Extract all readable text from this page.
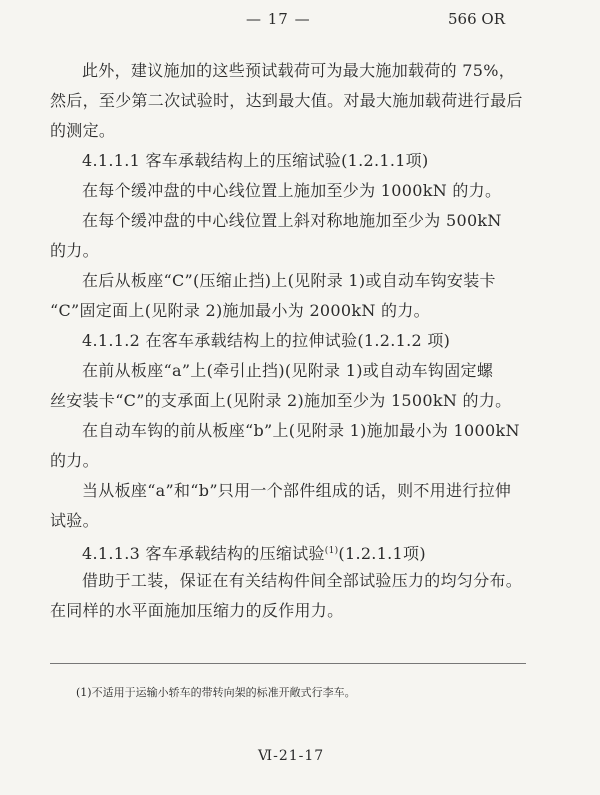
— 17 —	566 OR
此外，建议施加的这些预试载荷可为最大施加载荷的 75%，
然后，至少第二次试验时，达到最大值。对最大施加载荷进行最后
的测定。
4.1.1.1 客车承载结构上的压缩试验(1.2.1.1项)
在每个缓冲盘的中心线位置上施加至少为 1000kN 的力。
在每个缓冲盘的中心线位置上斜对称地施加至少为 500kN
的力。
在后从板座“C”(压缩止挡)上(见附录 1)或自动车钩安装卡
“C”固定面上(见附录 2)施加最小为 2000kN 的力。
4.1.1.2 在客车承载结构上的拉伸试验(1.2.1.2 项)
在前从板座“a”上(牵引止挡)(见附录 1)或自动车钩固定螺
丝安装卡“C”的支承面上(见附录 2)施加至少为 1500kN 的力。
在自动车钩的前从板座“b”上(见附录 1)施加最小为 1000kN
的力。
当从板座“a”和“b”只用一个部件组成的话，则不用进行拉伸
试验。
4.1.1.3 客车承载结构的压缩试验$^{(1)}$(1.2.1.1项)
借助于工装，保证在有关结构件间全部试验压力的均匀分布。
在同样的水平面施加压缩力的反作用力。
(1)不适用于运输小轿车的带转向架的标准开敞式行李车。
Ⅵ-21-17
